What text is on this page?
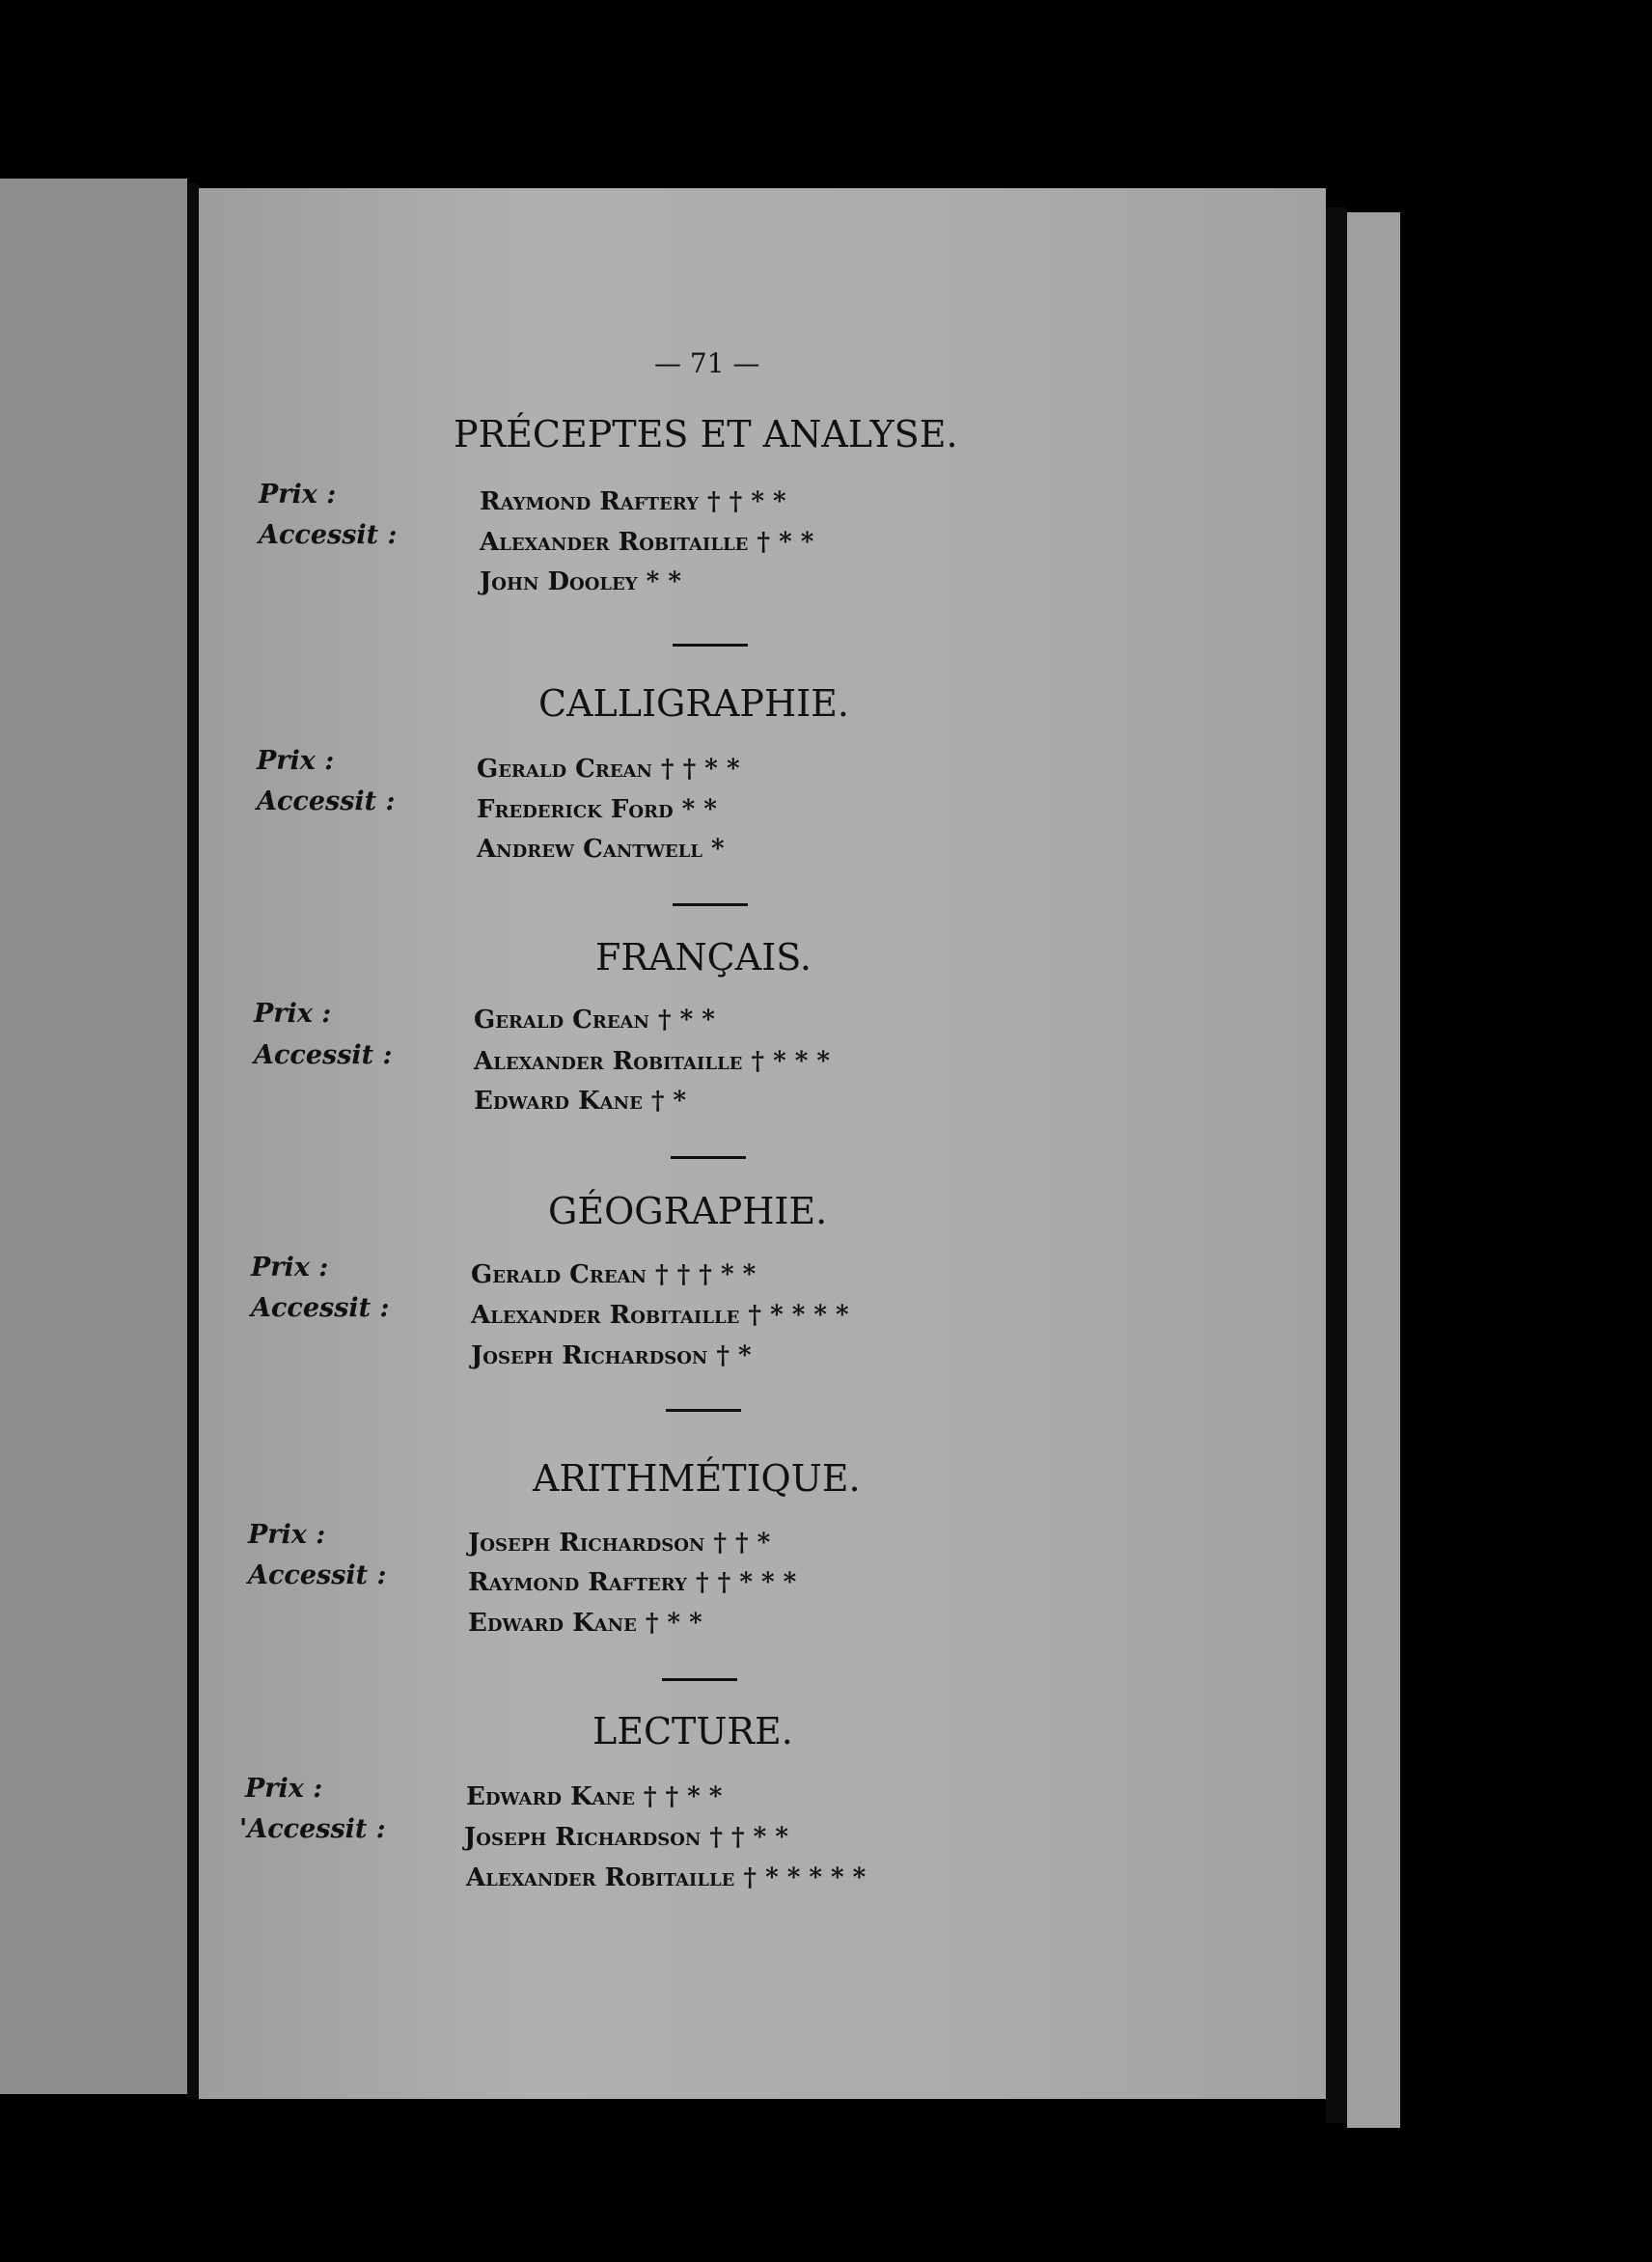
— 71 —
PRÉCEPTES ET ANALYSE.
Prix :
Accessit :
Raymond Raftery † † * *
Alexander Robitaille † * *
John Dooley * *
CALLIGRAPHIE.
Prix :
Accessit :
Gerald Crean † † * *
Frederick Ford * *
Andrew Cantwell *
FRANÇAIS.
Prix :
Accessit :
Gerald Crean † * *
Alexander Robitaille † * * *
Edward Kane † *
GÉOGRAPHIE.
Prix :
Accessit :
Gerald Crean † † † * *
Alexander Robitaille † * * * *
Joseph Richardson † *
ARITHMÉTIQUE.
Prix :
Accessit :
Joseph Richardson † † *
Raymond Raftery † † * * *
Edward Kane † * *
LECTURE.
Prix :
'Accessit :
Edward Kane † † * *
Joseph Richardson † † * *
Alexander Robitaille † * * * * *
